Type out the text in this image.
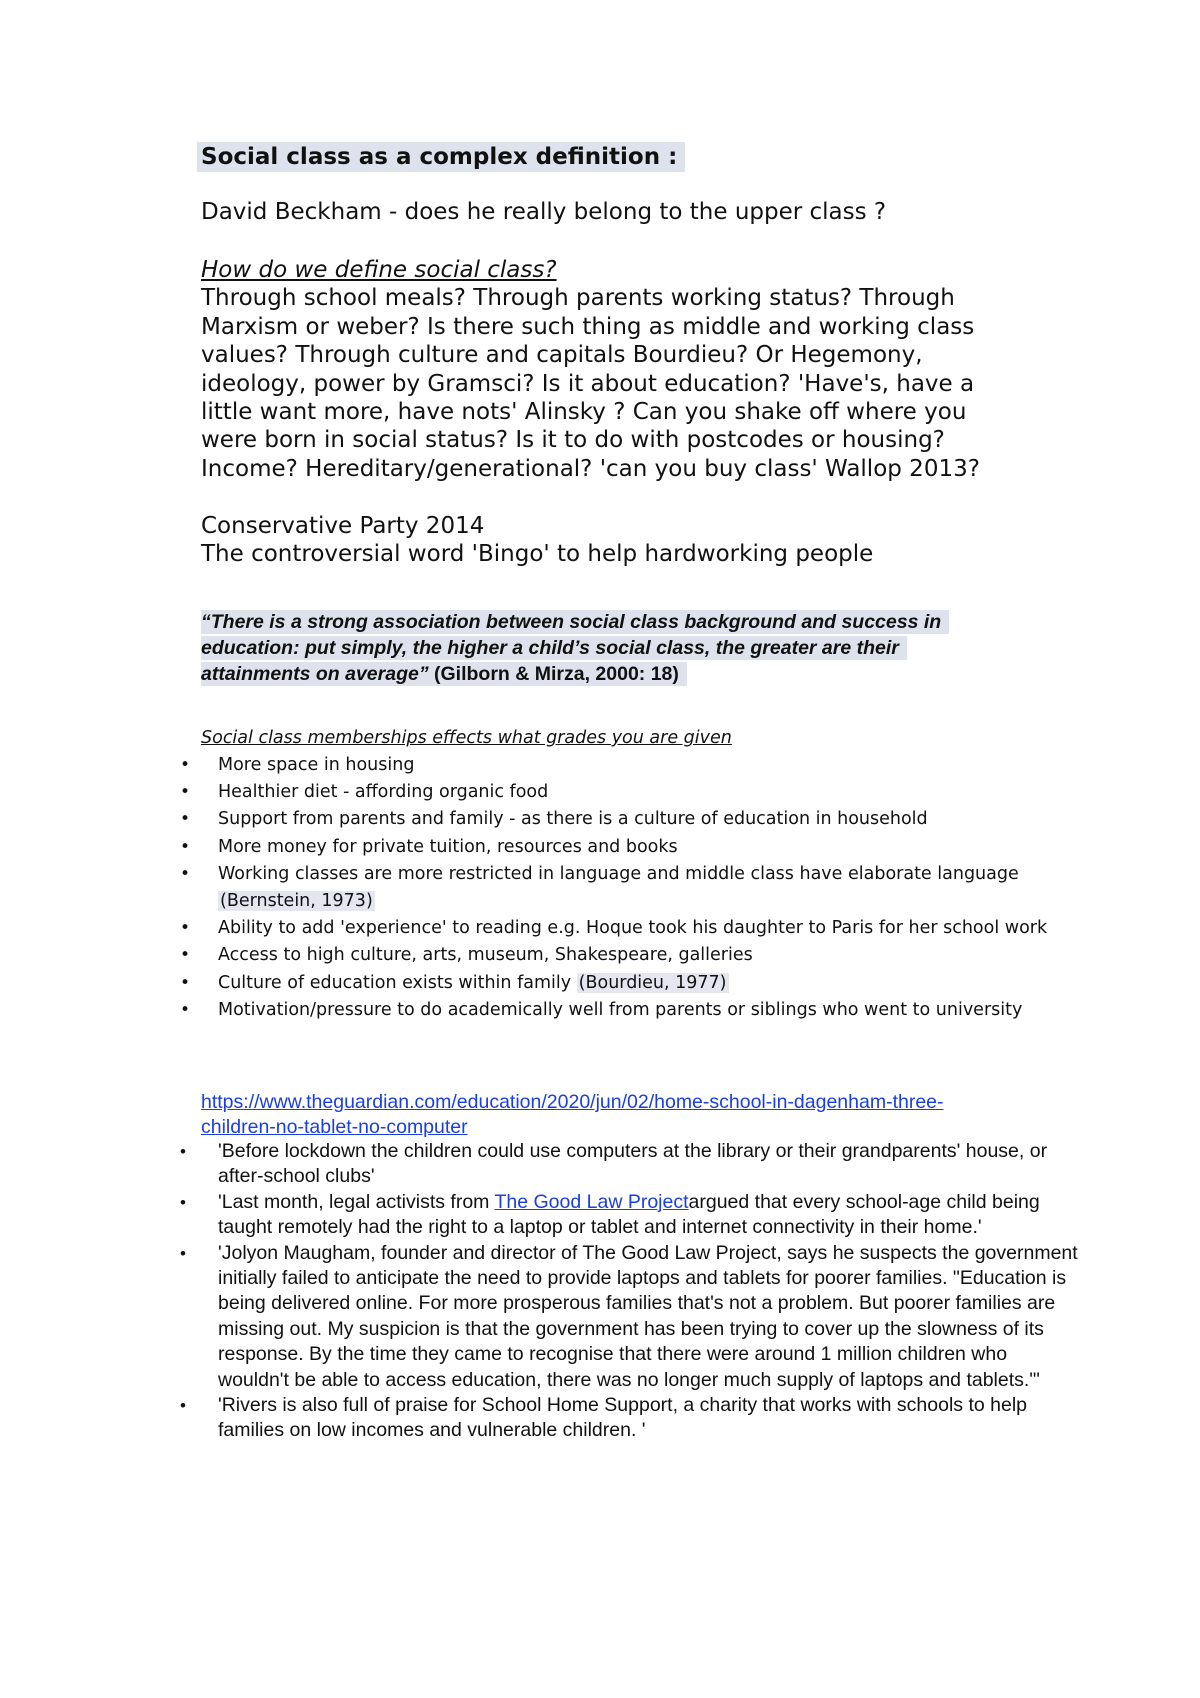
Social class as a complex definition :
David Beckham - does he really belong to the upper class ?
How do we define social class?
Through school meals? Through parents working status? Through
Marxism or weber? Is there such thing as middle and working class
values? Through culture and capitals Bourdieu? Or Hegemony,
ideology, power by Gramsci? Is it about education? 'Have's, have a
little want more, have nots' Alinsky ? Can you shake off where you
were born in social status? Is it to do with postcodes or housing?
Income? Hereditary/generational? 'can you buy class' Wallop 2013?
Conservative Party 2014
The controversial word 'Bingo' to help hardworking people
“There is a strong association between social class background and success in
education: put simply, the higher a child’s social class, the greater are their
attainments on average” (Gilborn & Mirza, 2000: 18)
Social class memberships effects what grades you are given
• More space in housing
• Healthier diet - affording organic food
• Support from parents and family - as there is a culture of education in household
• More money for private tuition, resources and books
• Working classes are more restricted in language and middle class have elaborate language
(Bernstein, 1973)
• Ability to add 'experience' to reading e.g. Hoque took his daughter to Paris for her school work
• Access to high culture, arts, museum, Shakespeare, galleries
• Culture of education exists within family (Bourdieu, 1977)
• Motivation/pressure to do academically well from parents or siblings who went to university
https://www.theguardian.com/education/2020/jun/02/home-school-in-dagenham-three-
children-no-tablet-no-computer
• 'Before lockdown the children could use computers at the library or their grandparents' house, or after-school clubs'
• 'Last month, legal activists from The Good Law Projectargued that every school-age child being taught remotely had the right to a laptop or tablet and internet connectivity in their home.'
• 'Jolyon Maugham, founder and director of The Good Law Project, says he suspects the government initially failed to anticipate the need to provide laptops and tablets for poorer families. "Education is being delivered online. For more prosperous families that's not a problem. But poorer families are missing out. My suspicion is that the government has been trying to cover up the slowness of its response. By the time they came to recognise that there were around 1 million children who wouldn't be able to access education, there was no longer much supply of laptops and tablets."'
• 'Rivers is also full of praise for School Home Support, a charity that works with schools to help families on low incomes and vulnerable children. '
